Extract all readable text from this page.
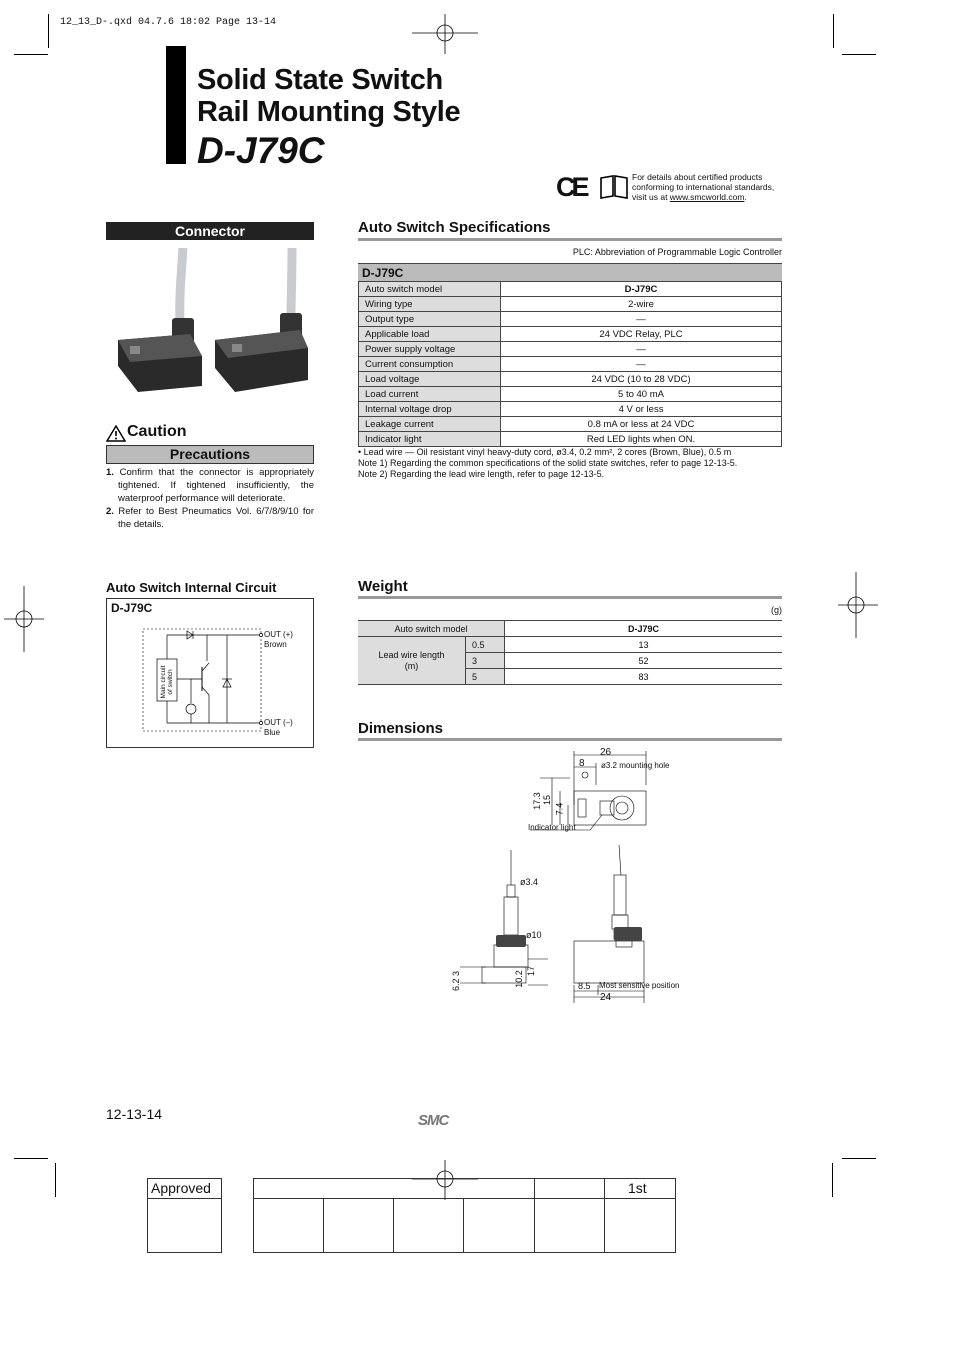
12_13_D-.qxd 04.7.6 18:02 Page 13-14
Solid State Switch
Rail Mounting Style
D-J79C
CE	For details about certified products
conforming to international standards,
visit us at www.smcworld.com.
Connector
Caution
Precautions
1. Confirm that the connector is appropriately tightened. If tightened insufficiently, the waterproof performance will deteriorate.
2. Refer to Best Pneumatics Vol. 6/7/8/9/10 for the details.
Auto Switch Specifications
PLC: Abbreviation of Programmable Logic Controller
D-J79C
Auto switch model	D-J79C
Wiring type	2-wire
Output type	—
Applicable load	24 VDC Relay, PLC
Power supply voltage	—
Current consumption	—
Load voltage	24 VDC (10 to 28 VDC)
Load current	5 to 40 mA
Internal voltage drop	4 V or less
Leakage current	0.8 mA or less at 24 VDC
Indicator light	Red LED lights when ON.
• Lead wire — Oil resistant vinyl heavy-duty cord, ø3.4, 0.2 mm², 2 cores (Brown, Blue), 0.5 m
Note 1) Regarding the common specifications of the solid state switches, refer to page 12-13-5.
Note 2) Regarding the lead wire length, refer to page 12-13-5.
Auto Switch Internal Circuit
D-J79C
Main circuit of switch
OUT (+)
Brown
OUT (–)
Blue
Weight
(g)
Auto switch model		D-J79C

Lead wire length
(m)	0.5	13
	3	52
	5	83
Dimensions
26
8 ø3.2 mounting hole
17.3 15
7.4
Indicator light
ø3.4
ø10
6.2 3	10.2 17
8.5 Most sensitive position
24
12-13-14	SMC
Approved	1st
